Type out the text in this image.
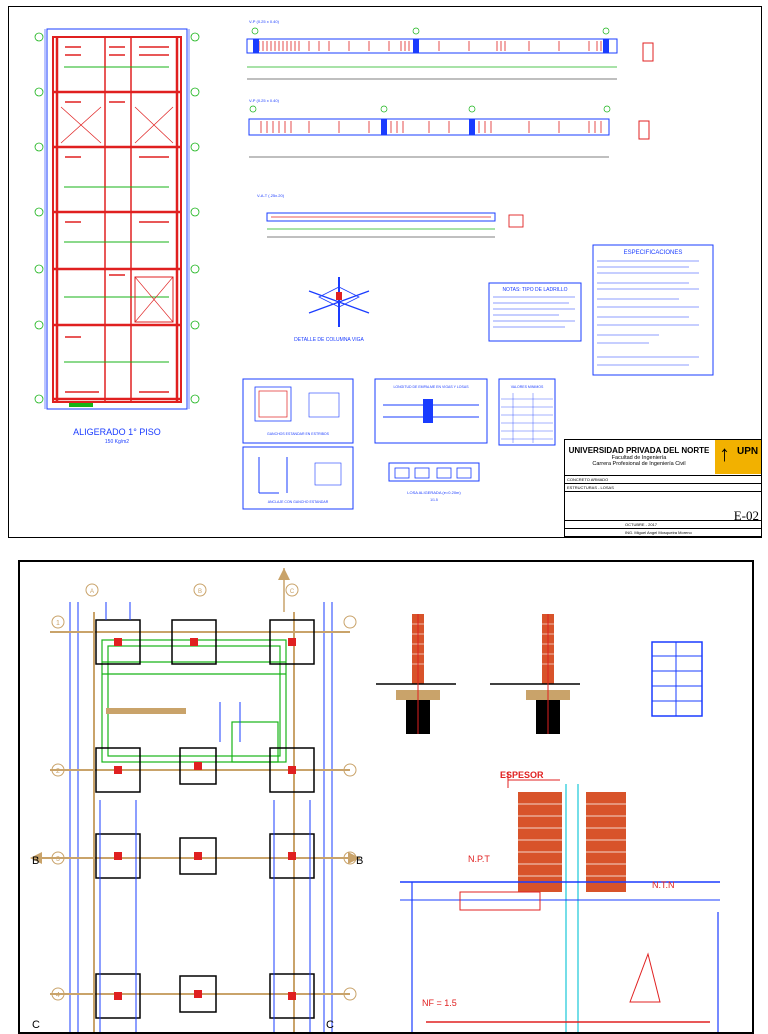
ALIGERADO 1° PISO
150 Kg/m2
V-P (0.25 x 0.40)
V-P (0.25 x 0.40)
V-A-T (.25x.20)
DETALLE DE COLUMNA VIGA
NOTAS: TIPO DE LADRILLO
ESPECIFICACIONES
GANCHOS ESTANDAR EN ESTRIBOS
ANCLAJE CON GANCHO ESTANDAR
LONGITUD DE EMPALME EN VIGAS Y LOSAS	VALORES MINIMOS
LOSA ALIGERADA (e=0.20m)
1/1.5
UNIVERSIDAD PRIVADA DEL NORTE
Facultad de Ingeniería
Carrera Profesional de Ingeniería Civil	↑ UPN
CONCRETO ARMADO
ESTRUCTURAS - LOSAS
OCTUBRE - 2017
ING. Miguel Angel Mosqueira Moreno
E-02
1
2
3
4
A	B	C
B	B
C	C
ESPESOR
N.P.T
N.T.N
NF = 1.5
